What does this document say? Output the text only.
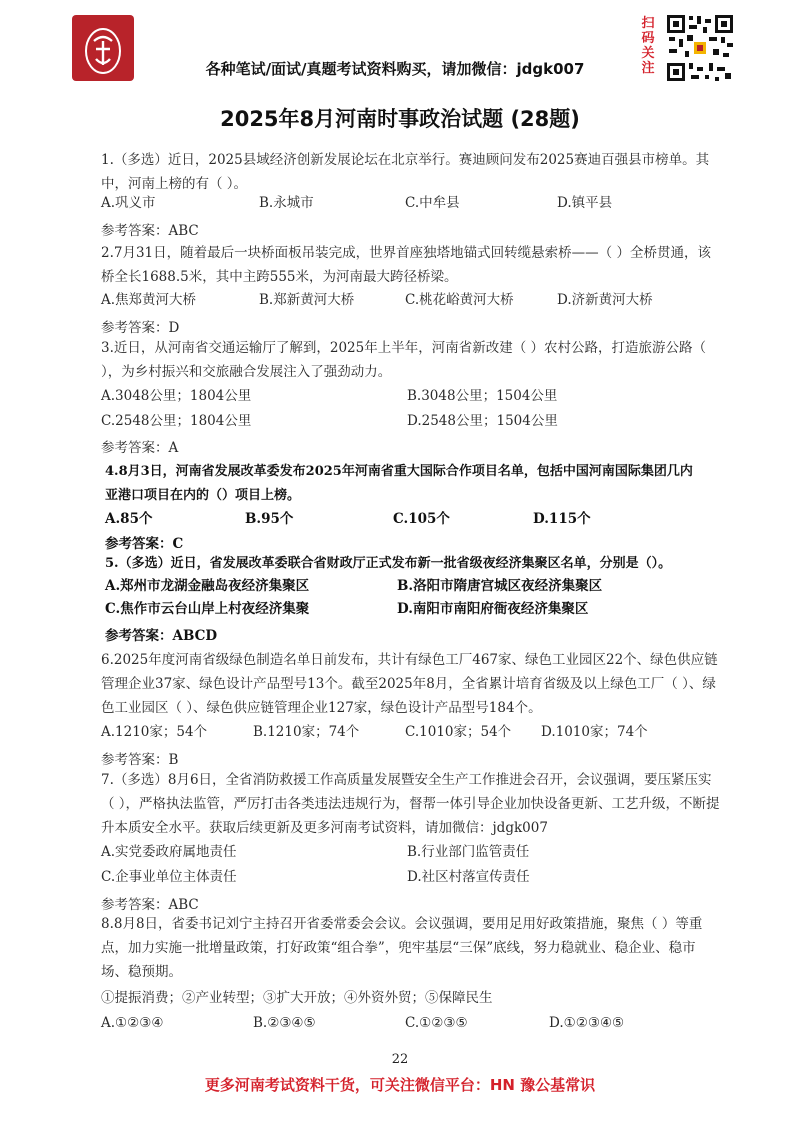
扫码关注
各种笔试/面试/真题考试资料购买，请加微信：jdgk007
2025年8月河南时事政治试题 (28题)
1.（多选）近日，2025县域经济创新发展论坛在北京举行。赛迪顾问发布2025赛迪百强县市榜单。其中，河南上榜的有（ ）。
A.巩义市	B.永城市	C.中牟县	D.镇平县
参考答案：ABC
2.7月31日，随着最后一块桥面板吊装完成，世界首座独塔地锚式回转缆悬索桥——（ ）全桥贯通，该桥全长1688.5米，其中主跨555米，为河南最大跨径桥梁。
A.焦郑黄河大桥	B.郑新黄河大桥	C.桃花峪黄河大桥	D.济新黄河大桥
参考答案：D
3.近日，从河南省交通运输厅了解到，2025年上半年，河南省新改建（ ）农村公路，打造旅游公路（ ），为乡村振兴和交旅融合发展注入了强劲动力。
A.3048公里；1804公里	B.3048公里；1504公里
C.2548公里；1804公里	D.2548公里；1504公里
参考答案：A
4.8月3日，河南省发展改革委发布2025年河南省重大国际合作项目名单，包括中国河南国际集团几内亚港口项目在内的（）项目上榜。
A.85个	B.95个	C.105个	D.115个
参考答案：C
5.（多选）近日，省发展改革委联合省财政厅正式发布新一批省级夜经济集聚区名单，分别是（）。
A.郑州市龙湖金融岛夜经济集聚区	B.洛阳市隋唐宫城区夜经济集聚区
C.焦作市云台山岸上村夜经济集聚	D.南阳市南阳府衙夜经济集聚区
参考答案：ABCD
6.2025年度河南省级绿色制造名单日前发布，共计有绿色工厂467家、绿色工业园区22个、绿色供应链管理企业37家、绿色设计产品型号13个。截至2025年8月，全省累计培育省级及以上绿色工厂（ ）、绿色工业园区（ ）、绿色供应链管理企业127家，绿色设计产品型号184个。
A.1210家；54个	B.1210家；74个	C.1010家；54个 D.1010家；74个
参考答案：B
7.（多选）8月6日，全省消防救援工作高质量发展暨安全生产工作推进会召开，会议强调，要压紧压实（ ），严格执法监管，严厉打击各类违法违规行为，督帮一体引导企业加快设备更新、工艺升级，不断提升本质安全水平。获取后续更新及更多河南考试资料，请加微信：jdgk007
A.实党委政府属地责任	B.行业部门监管责任
C.企事业单位主体责任	D.社区村落宣传责任
参考答案：ABC
8.8月8日，省委书记刘宁主持召开省委常委会会议。会议强调，要用足用好政策措施，聚焦（ ）等重点，加力实施一批增量政策，打好政策“组合拳”，兜牢基层“三保”底线，努力稳就业、稳企业、稳市场、稳预期。
①提振消费；②产业转型；③扩大开放；④外资外贸；⑤保障民生
A.①②③④	B.②③④⑤	C.①②③⑤	D.①②③④⑤
22
更多河南考试资料干货，可关注微信平台：HN 豫公基常识
